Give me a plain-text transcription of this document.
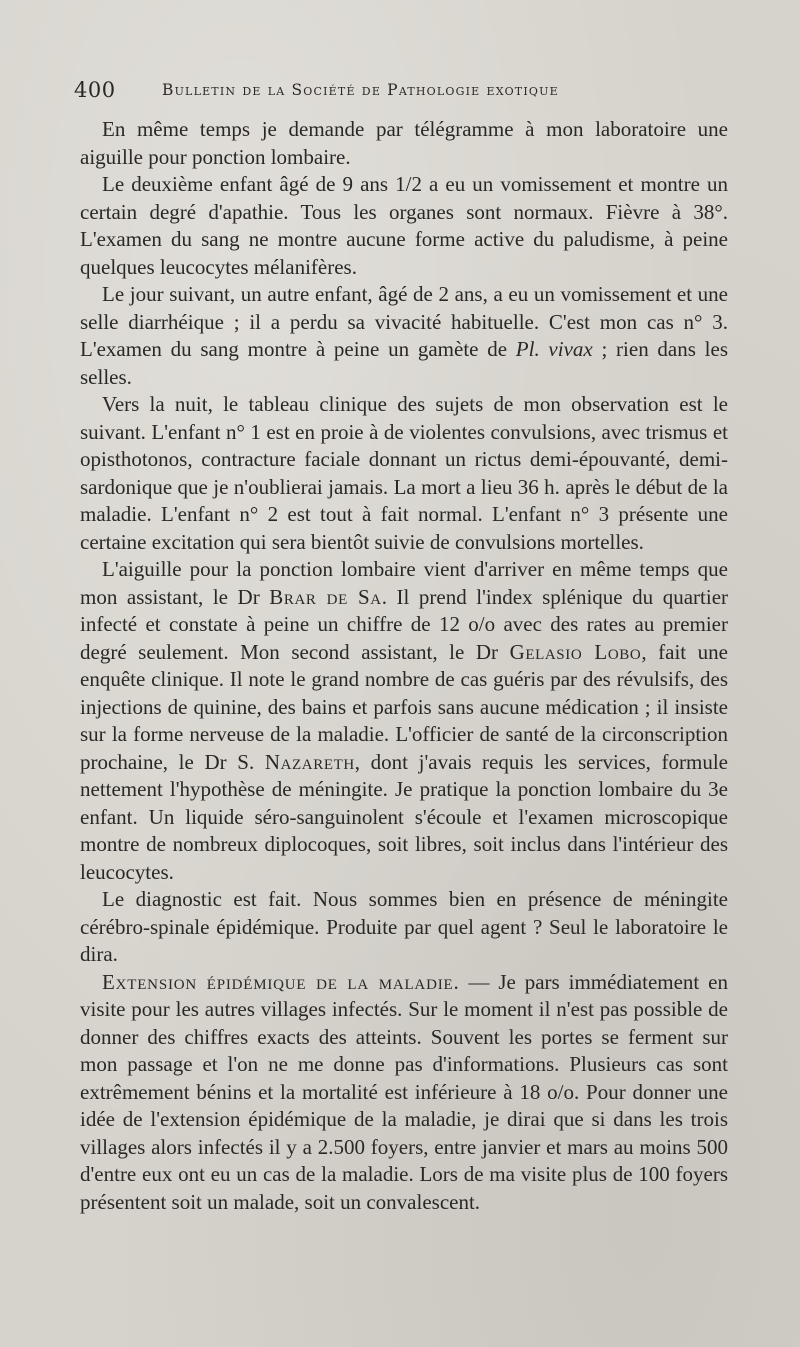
400	Bulletin de la Société de Pathologie exotique

En même temps je demande par télégramme à mon laboratoire une aiguille pour ponction lombaire.

Le deuxième enfant âgé de 9 ans 1/2 a eu un vomissement et montre un certain degré d'apathie. Tous les organes sont normaux. Fièvre à 38°. L'examen du sang ne montre aucune forme active du paludisme, à peine quelques leucocytes mélanifères.

Le jour suivant, un autre enfant, âgé de 2 ans, a eu un vomissement et une selle diarrhéique ; il a perdu sa vivacité habituelle. C'est mon cas n° 3. L'examen du sang montre à peine un gamète de Pl. vivax ; rien dans les selles.

Vers la nuit, le tableau clinique des sujets de mon observation est le suivant. L'enfant n° 1 est en proie à de violentes convulsions, avec trismus et opisthotonos, contracture faciale donnant un rictus demi-épouvanté, demi-sardonique que je n'oublierai jamais. La mort a lieu 36 h. après le début de la maladie. L'enfant n° 2 est tout à fait normal. L'enfant n° 3 présente une certaine excitation qui sera bientôt suivie de convulsions mortelles.

L'aiguille pour la ponction lombaire vient d'arriver en même temps que mon assistant, le Dr Brar de Sa. Il prend l'index splénique du quartier infecté et constate à peine un chiffre de 12 o/o avec des rates au premier degré seulement. Mon second assistant, le Dr Gelasio Lobo, fait une enquête clinique. Il note le grand nombre de cas guéris par des révulsifs, des injections de quinine, des bains et parfois sans aucune médication ; il insiste sur la forme nerveuse de la maladie. L'officier de santé de la circonscription prochaine, le Dr S. Nazareth, dont j'avais requis les services, formule nettement l'hypothèse de méningite. Je pratique la ponction lombaire du 3e enfant. Un liquide séro-sanguinolent s'écoule et l'examen microscopique montre de nombreux diplocoques, soit libres, soit inclus dans l'intérieur des leucocytes.

Le diagnostic est fait. Nous sommes bien en présence de méningite cérébro-spinale épidémique. Produite par quel agent ? Seul le laboratoire le dira.

Extension épidémique de la maladie. — Je pars immédiatement en visite pour les autres villages infectés. Sur le moment il n'est pas possible de donner des chiffres exacts des atteints. Souvent les portes se ferment sur mon passage et l'on ne me donne pas d'informations. Plusieurs cas sont extrêmement bénins et la mortalité est inférieure à 18 o/o. Pour donner une idée de l'extension épidémique de la maladie, je dirai que si dans les trois villages alors infectés il y a 2.500 foyers, entre janvier et mars au moins 500 d'entre eux ont eu un cas de la maladie. Lors de ma visite plus de 100 foyers présentent soit un malade, soit un convalescent.
